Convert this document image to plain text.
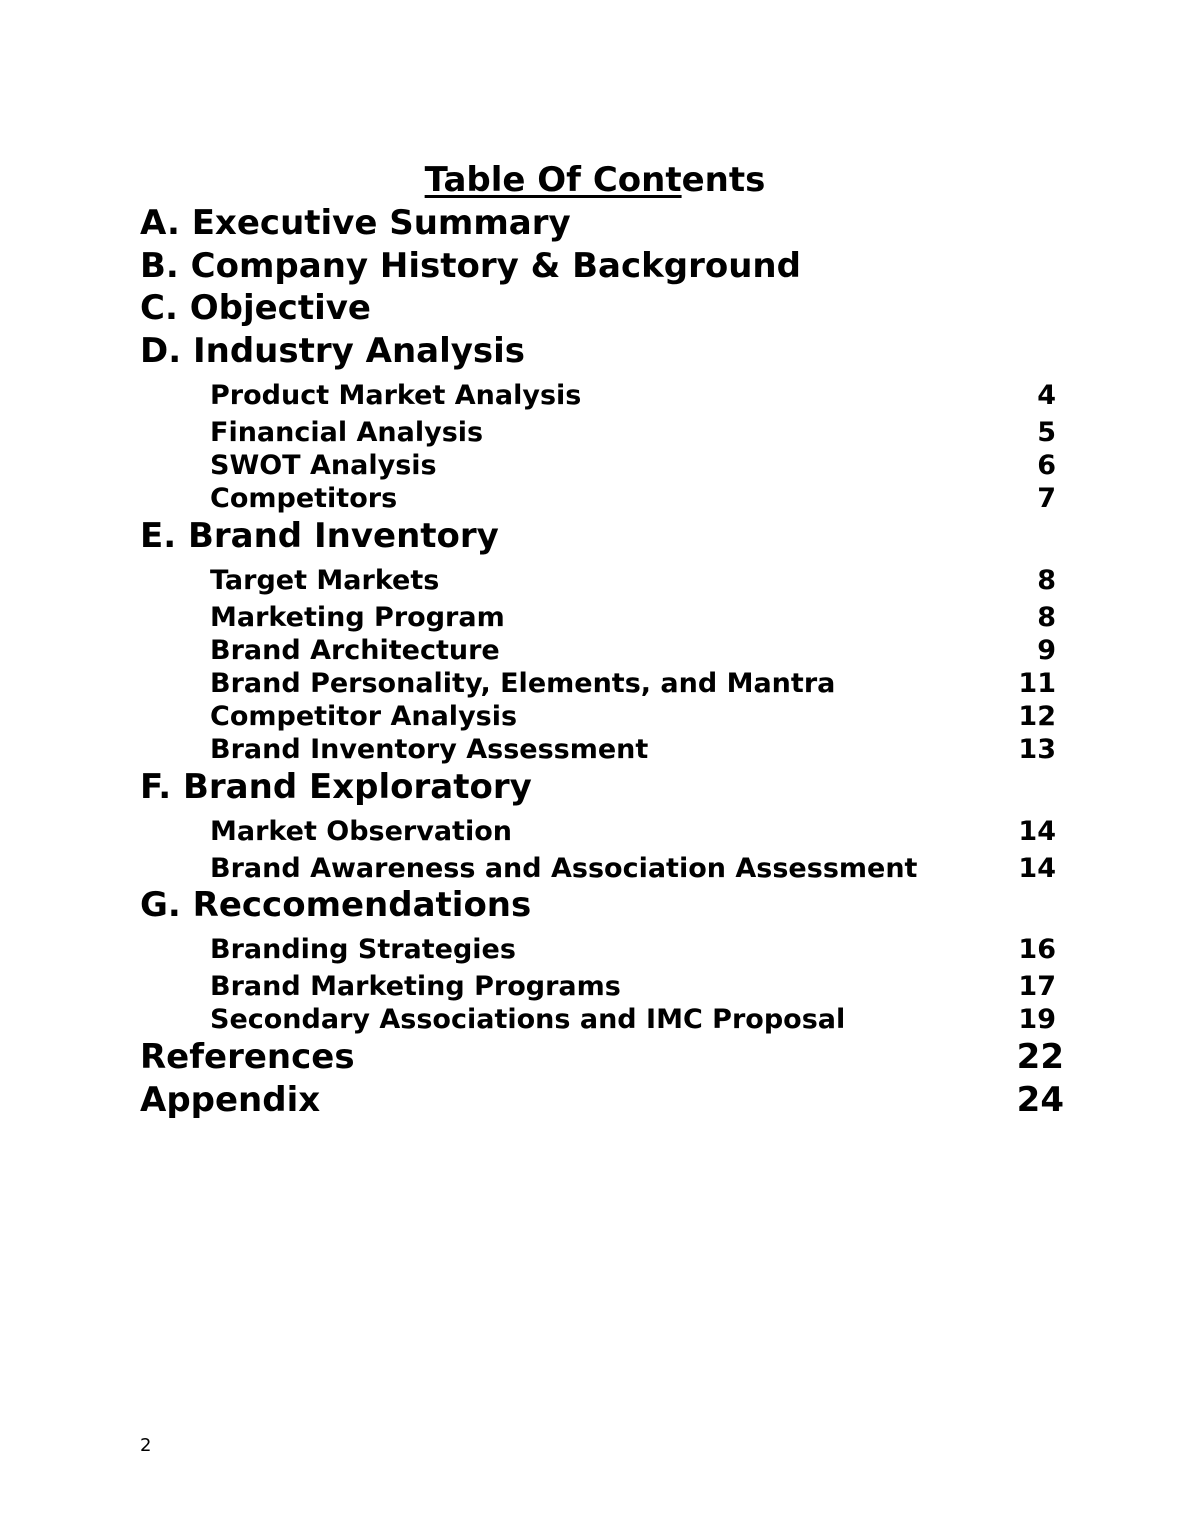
Table Of Contents
A. Executive Summary
B. Company History & Background
C. Objective
D. Industry Analysis
Product Market Analysis	4
Financial Analysis	5
SWOT Analysis	6
Competitors	7
E. Brand Inventory
Target Markets	8
Marketing Program	8
Brand Architecture	9
Brand Personality, Elements, and Mantra	11
Competitor Analysis	12
Brand Inventory Assessment	13
F. Brand Exploratory
Market Observation	14
Brand Awareness and Association Assessment	14
G. Reccomendations
Branding Strategies	16
Brand Marketing Programs	17
Secondary Associations and IMC Proposal	19
References	22
Appendix	24
2
